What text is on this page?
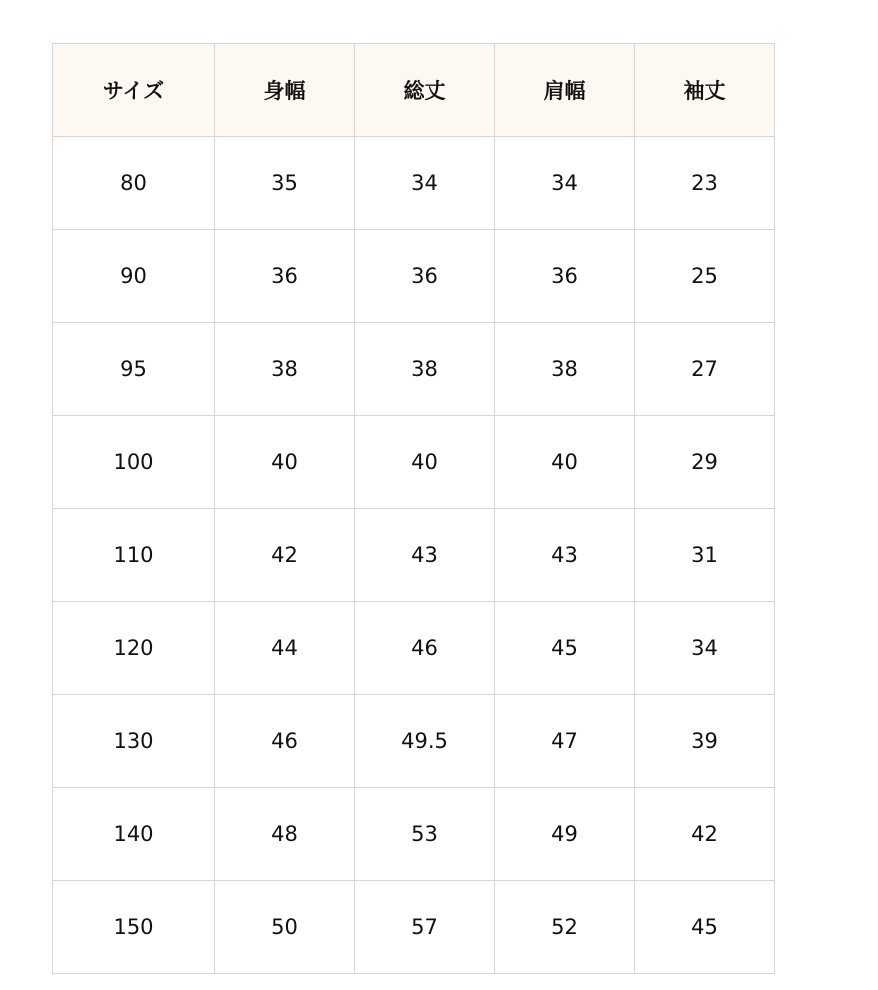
サイズ	身幅	総丈	肩幅	袖丈
80	35	34	34	23
90	36	36	36	25
95	38	38	38	27
100	40	40	40	29
110	42	43	43	31
120	44	46	45	34
130	46	49.5	47	39
140	48	53	49	42
150	50	57	52	45
